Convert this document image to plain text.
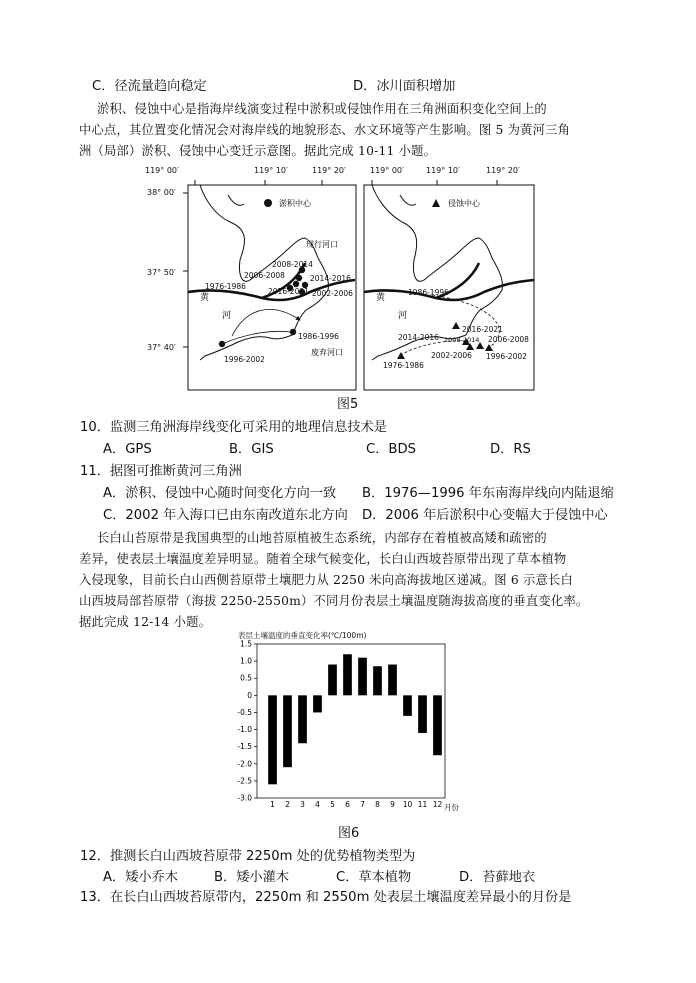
C．径流量趋向稳定	D．冰川面积增加
淤积、侵蚀中心是指海岸线演变过程中淤积或侵蚀作用在三角洲面积变化空间上的
中心点，其位置变化情况会对海岸线的地貌形态、水文环境等产生影响。图 5 为黄河三角
洲（局部）淤积、侵蚀中心变迁示意图。据此完成 10-11 小题。
119° 00′	119° 10′	119° 20′	119° 00′	119° 10′	119° 20′
38° 00′
37° 50′
37° 40′
淤积中心
黄
河
现行河口
废弃河口
2008-2014
2006-2008	2014-2016
1976-1986
2016-2021 2002-2006
1986-1996
1996-2002
侵蚀中心
黄
河
1986-1996
2016-2021
2014-2016 2008-2014 2006-2008
1976-1986
2002-2006 1996-2002
图5
10．监测三角洲海岸线变化可采用的地理信息技术是
A．GPS	B．GIS	C．BDS	D．RS
11．据图可推断黄河三角洲
A．淤积、侵蚀中心随时间变化方向一致 B．1976—1996 年东南海岸线向内陆退缩
C．2002 年入海口已由东南改道东北方向 D．2006 年后淤积中心变幅大于侵蚀中心
长白山苔原带是我国典型的山地苔原植被生态系统，内部存在着植被高矮和疏密的
差异，使表层土壤温度差异明显。随着全球气候变化，长白山西坡苔原带出现了草本植物
入侵现象，目前长白山西侧苔原带土壤肥力从 2250 米向高海拔地区递减。图 6 示意长白
山西坡局部苔原带（海拔 2250-2550m）不同月份表层土壤温度随海拔高度的垂直变化率。
据此完成 12-14 小题。
表层土壤温度的垂直变化率(℃/100m)
1.5
1.0
0.5
0
-0.5
-1.0
-1.5
-2.0
-2.5
-3.0
1 2 3 4 5 6 7 8 9 10 11 12 月份
图6
12．推测长白山西坡苔原带 2250m 处的优势植物类型为
A．矮小乔木	B．矮小灌木	C．草本植物	D．苔藓地衣
13．在长白山西坡苔原带内，2250m 和 2550m 处表层土壤温度差异最小的月份是
